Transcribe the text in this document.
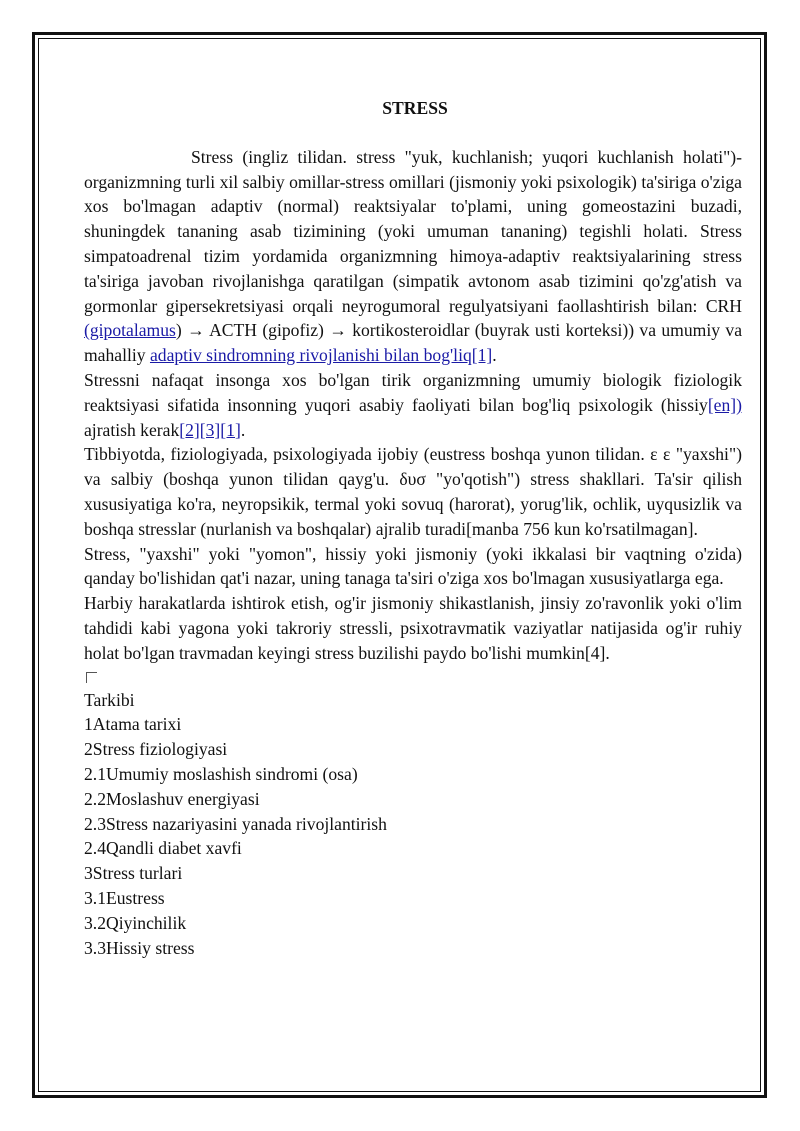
STRESS

Stress (ingliz tilidan. stress "yuk, kuchlanish; yuqori kuchlanish holati")- organizmning turli xil salbiy omillar-stress omillari (jismoniy yoki psixologik) ta'siriga o'ziga xos bo'lmagan adaptiv (normal) reaktsiyalar to'plami, uning gomeostazini buzadi, shuningdek tananing asab tizimining (yoki umuman tananing) tegishli holati. Stress simpatoadrenal tizim yordamida organizmning himoya-adaptiv reaktsiyalarining stress ta'siriga javoban rivojlanishga qaratilgan (simpatik avtonom asab tizimini qo'zg'atish va gormonlar gipersekretsiyasi orqali neyrogumoral regulyatsiyani faollashtirish bilan: CRH (gipotalamus) → ACTH (gipofiz) → kortikosteroidlar (buyrak usti korteksi)) va umumiy va mahalliy adaptiv sindromning rivojlanishi bilan bog'liq[1].

Stressni nafaqat insonga xos bo'lgan tirik organizmning umumiy biologik fiziologik reaktsiyasi sifatida insonning yuqori asabiy faoliyati bilan bog'liq psixologik (hissiy[en]) ajratish kerak[2][3][1].

Tibbiyotda, fiziologiyada, psixologiyada ijobiy (eustress boshqa yunon tilidan. ε ε "yaxshi") va salbiy (boshqa yunon tilidan qayg'u. δυσ "yo'qotish") stress shakllari. Ta'sir qilish xususiyatiga ko'ra, neyropsikik, termal yoki sovuq (harorat), yorug'lik, ochlik, uyqusizlik va boshqa stresslar (nurlanish va boshqalar) ajralib turadi[manba 756 kun ko'rsatilmagan].

Stress, "yaxshi" yoki "yomon", hissiy yoki jismoniy (yoki ikkalasi bir vaqtning o'zida) qanday bo'lishidan qat'i nazar, uning tanaga ta'siri o'ziga xos bo'lmagan xususiyatlarga ega.

Harbiy harakatlarda ishtirok etish, og'ir jismoniy shikastlanish, jinsiy zo'ravonlik yoki o'lim tahdidi kabi yagona yoki takroriy stressli, psixotravmatik vaziyatlar natijasida og'ir ruhiy holat bo'lgan travmadan keyingi stress buzilishi paydo bo'lishi mumkin[4].

Tarkibi

1Atama tarixi

2Stress fiziologiyasi

2.1Umumiy moslashish sindromi (osa)

2.2Moslashuv energiyasi

2.3Stress nazariyasini yanada rivojlantirish

2.4Qandli diabet xavfi

3Stress turlari

3.1Eustress

3.2Qiyinchilik

3.3Hissiy stress
